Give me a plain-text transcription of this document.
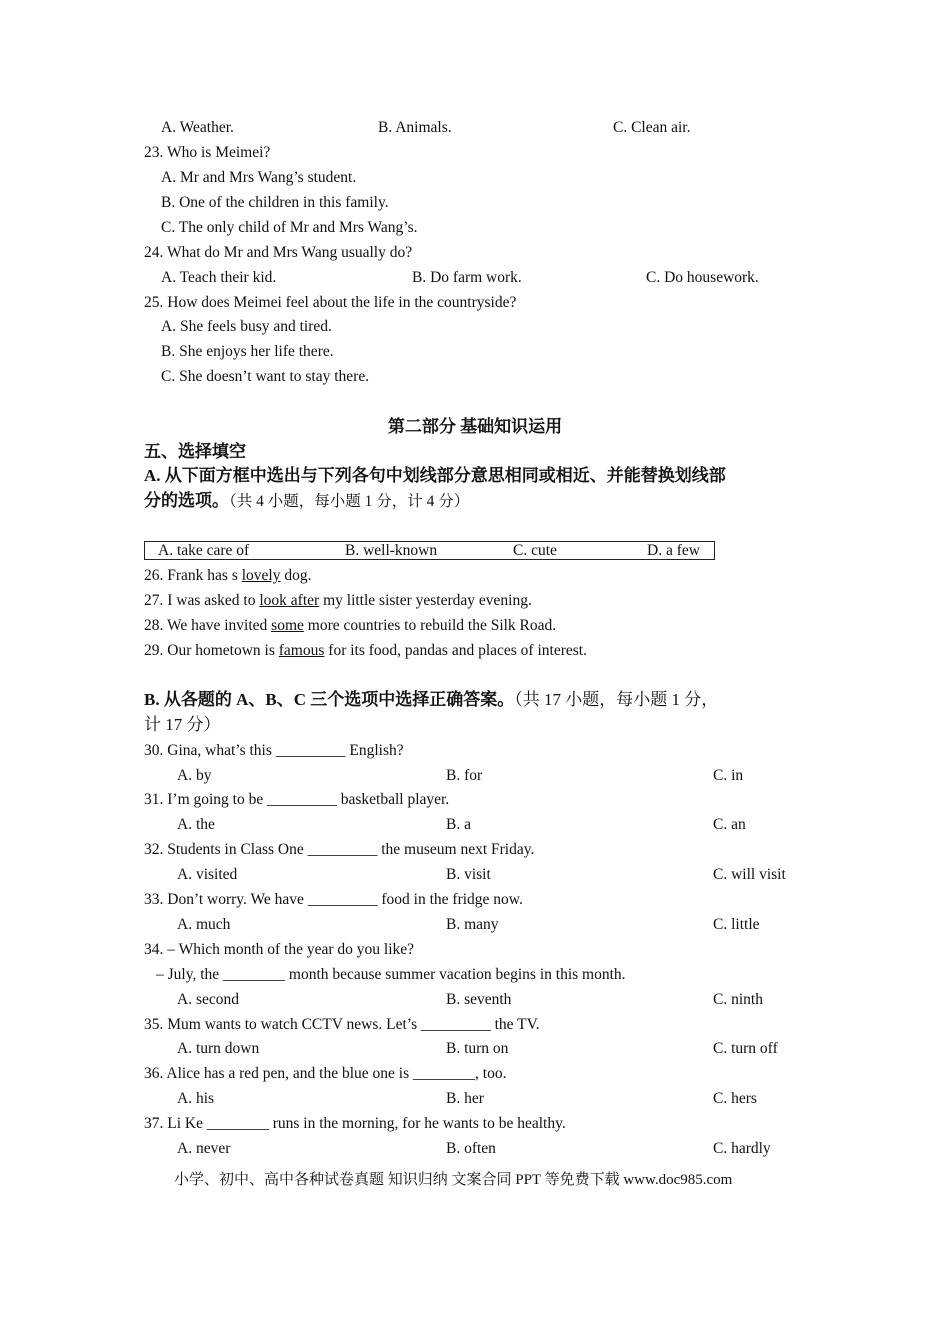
A. Weather.	B. Animals.	C. Clean air.
23. Who is Meimei?
A. Mr and Mrs Wang’s student.
B. One of the children in this family.
C. The only child of Mr and Mrs Wang’s.
24. What do Mr and Mrs Wang usually do?
A. Teach their kid.	B. Do farm work.	C. Do housework.
25. How does Meimei feel about the life in the countryside?
A. She feels busy and tired.
B. She enjoys her life there.
C. She doesn’t want to stay there.
第二部分 基础知识运用
五、选择填空
A. 从下面方框中选出与下列各句中划线部分意思相同或相近、并能替换划线部
分的选项。（共 4 小题，每小题 1 分，计 4 分）
A. take care of	B. well-known	C. cute	D. a few
26. Frank has s lovely dog.
27. I was asked to look after my little sister yesterday evening.
28. We have invited some more countries to rebuild the Silk Road.
29. Our hometown is famous for its food, pandas and places of interest.
B. 从各题的 A、B、C 三个选项中选择正确答案。（共 17 小题，每小题 1 分，
计 17 分）
30. Gina, what’s this _________ English?
A. by	B. for	C. in
31. I’m going to be _________ basketball player.
A. the	B. a	C. an
32. Students in Class One _________ the museum next Friday.
A. visited	B. visit	C. will visit
33. Don’t worry. We have _________ food in the fridge now.
A. much	B. many	C. little
34. – Which month of the year do you like?
– July, the ________ month because summer vacation begins in this month.
A. second	B. seventh	C. ninth
35. Mum wants to watch CCTV news. Let’s _________ the TV.
A. turn down	B. turn on	C. turn off
36. Alice has a red pen, and the blue one is ________, too.
A. his	B. her	C. hers
37. Li Ke ________ runs in the morning, for he wants to be healthy.
A. never	B. often	C. hardly
小学、初中、高中各种试卷真题 知识归纳 文案合同 PPT 等免费下载 www.doc985.com
